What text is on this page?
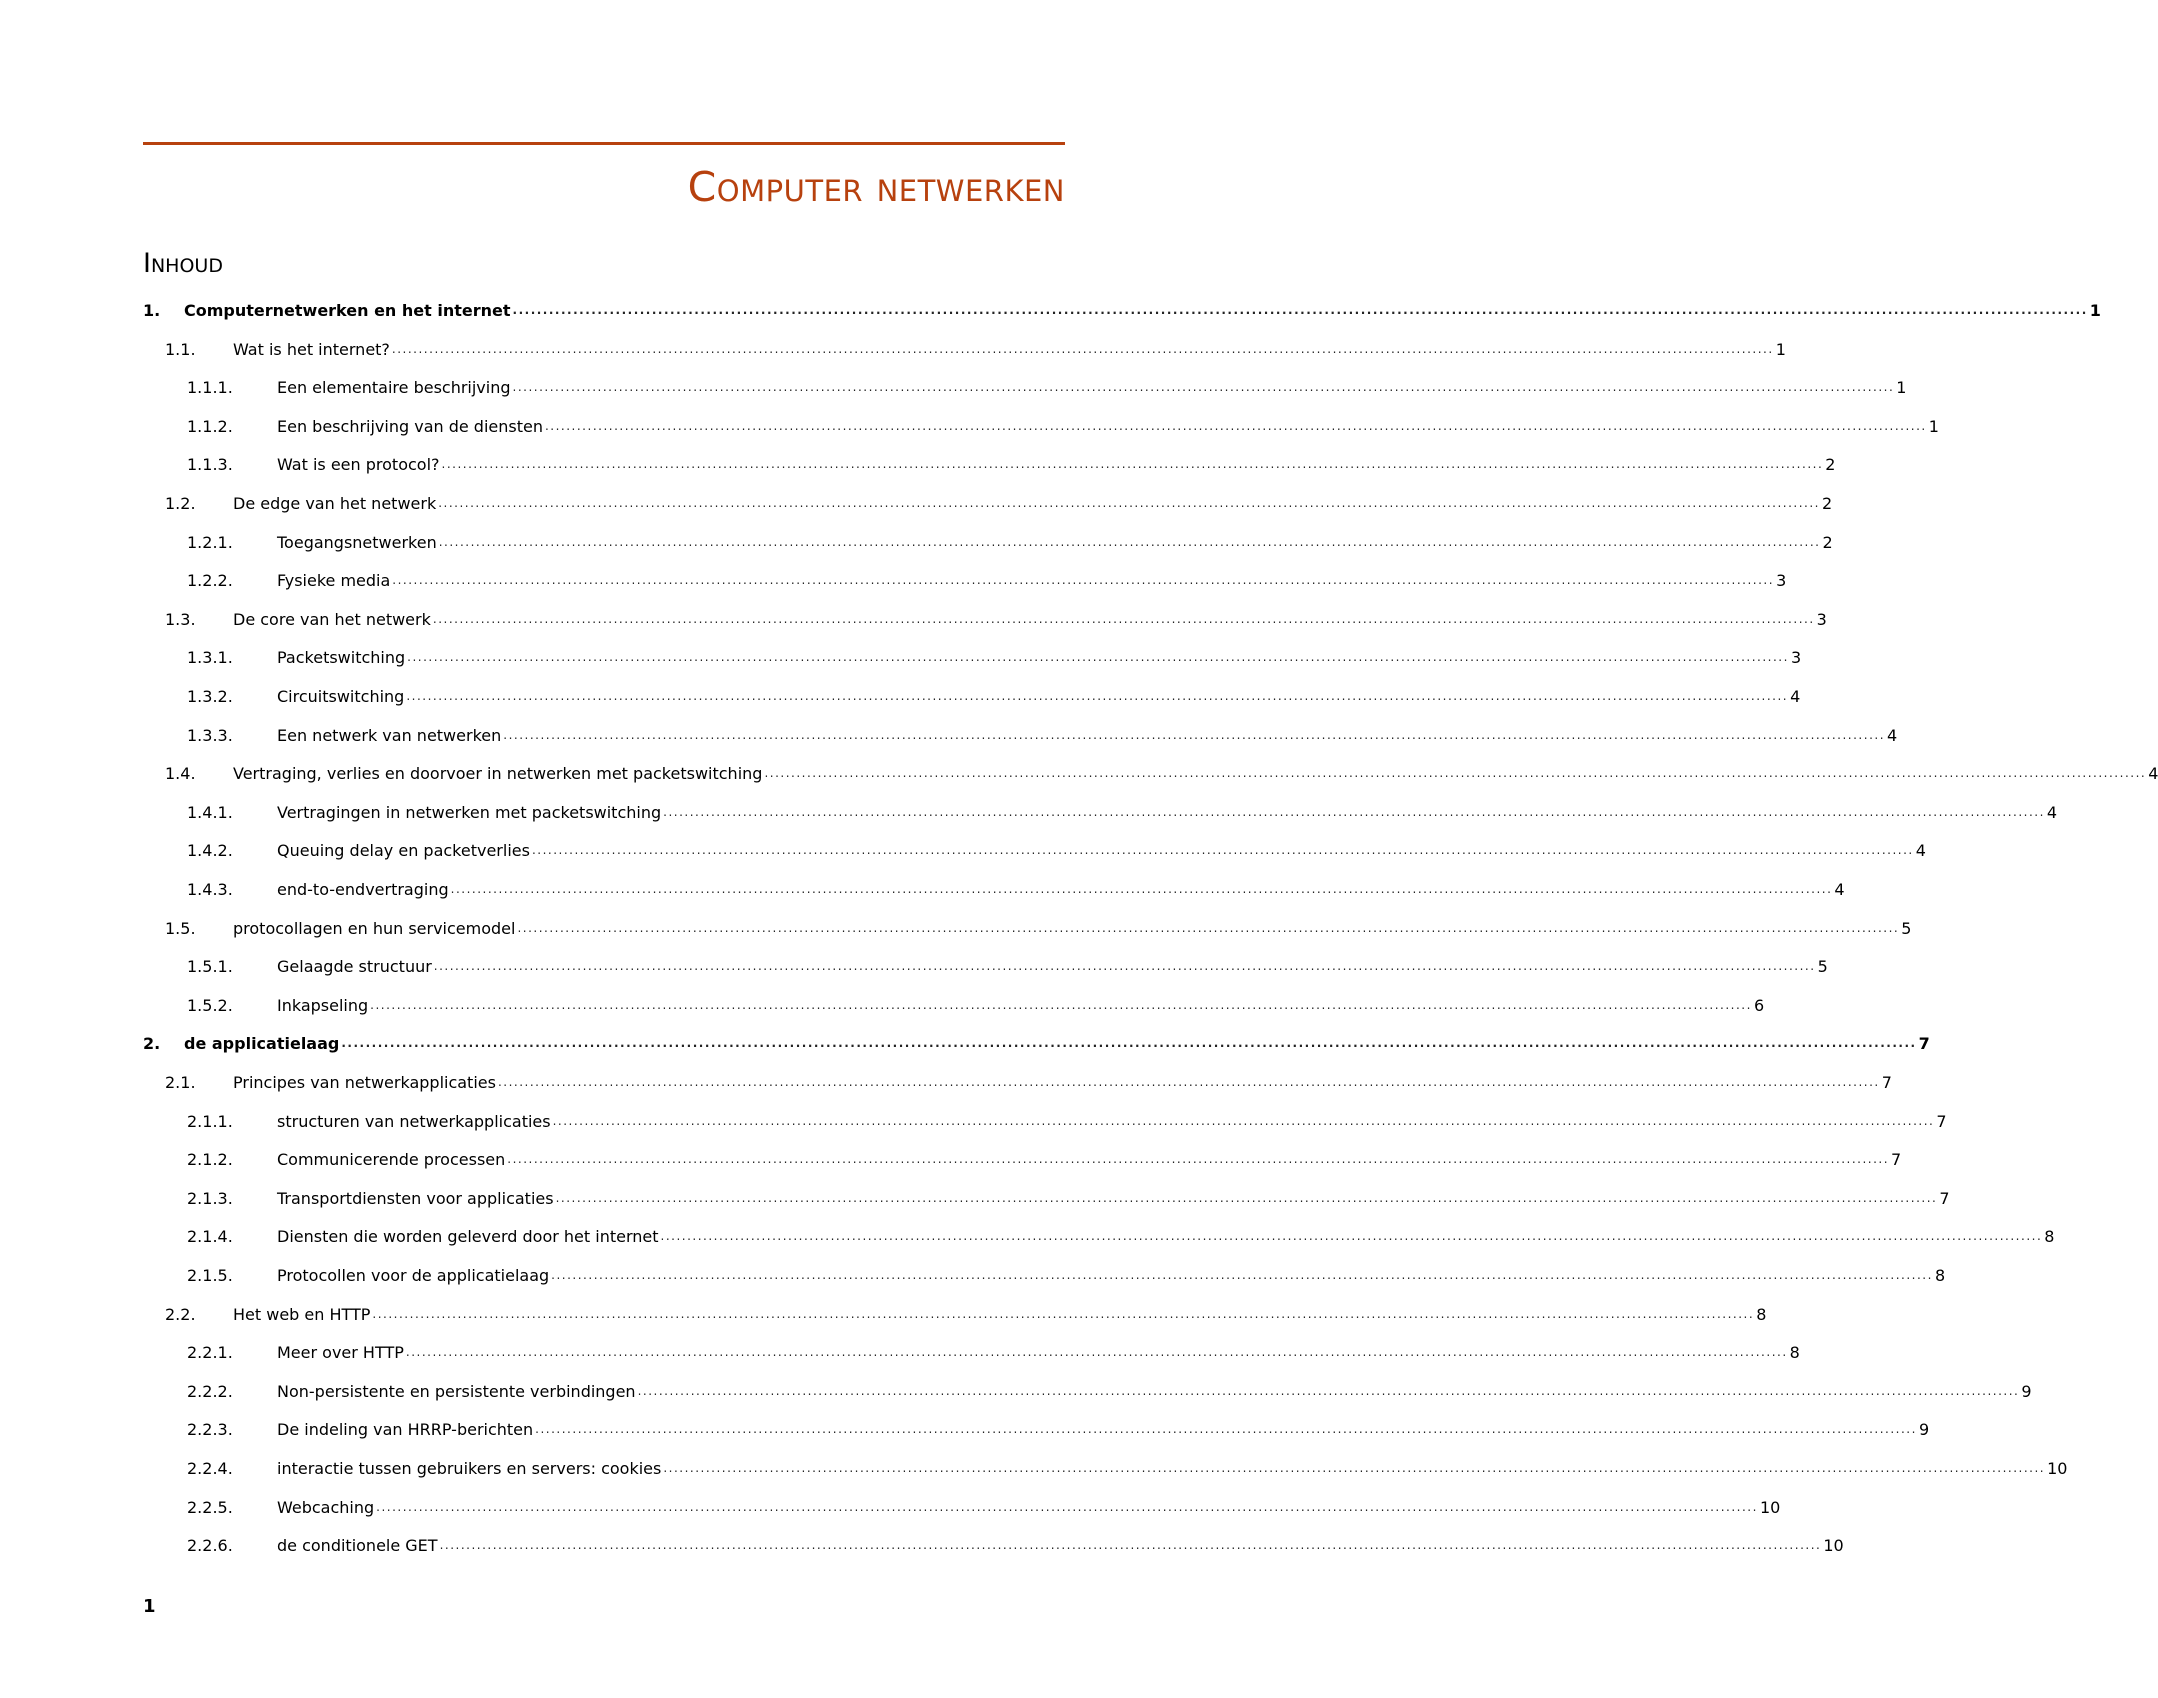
Computer netwerken
Inhoud
1. Computernetwerken en het internet .................................................................................................................................................................................................................................................................... 1
1.1. Wat is het internet? .................................................................................................................................................................................................................................................................... 1
1.1.1.	Een elementaire beschrijving .................................................................................................................................................................................................................................................................... 1
1.1.2.	Een beschrijving van de diensten .................................................................................................................................................................................................................................................................... 1
1.1.3.	Wat is een protocol? .................................................................................................................................................................................................................................................................... 2
1.2. De edge van het netwerk .................................................................................................................................................................................................................................................................... 2
1.2.1.	Toegangsnetwerken .................................................................................................................................................................................................................................................................... 2
1.2.2.	Fysieke media .................................................................................................................................................................................................................................................................... 3
1.3. De core van het netwerk .................................................................................................................................................................................................................................................................... 3
1.3.1.	Packetswitching .................................................................................................................................................................................................................................................................... 3
1.3.2.	Circuitswitching .................................................................................................................................................................................................................................................................... 4
1.3.3.	Een netwerk van netwerken .................................................................................................................................................................................................................................................................... 4
1.4. Vertraging, verlies en doorvoer in netwerken met packetswitching .................................................................................................................................................................................................................................................................... 4
1.4.1.	Vertragingen in netwerken met packetswitching .................................................................................................................................................................................................................................................................... 4
1.4.2.	Queuing delay en packetverlies .................................................................................................................................................................................................................................................................... 4
1.4.3.	end-to-endvertraging .................................................................................................................................................................................................................................................................... 4
1.5. protocollagen en hun servicemodel .................................................................................................................................................................................................................................................................... 5
1.5.1.	Gelaagde structuur .................................................................................................................................................................................................................................................................... 5
1.5.2.	Inkapseling .................................................................................................................................................................................................................................................................... 6
2. de applicatielaag .................................................................................................................................................................................................................................................................... 7
2.1. Principes van netwerkapplicaties .................................................................................................................................................................................................................................................................... 7
2.1.1.	structuren van netwerkapplicaties .................................................................................................................................................................................................................................................................... 7
2.1.2.	Communicerende processen .................................................................................................................................................................................................................................................................... 7
2.1.3.	Transportdiensten voor applicaties .................................................................................................................................................................................................................................................................... 7
2.1.4.	Diensten die worden geleverd door het internet .................................................................................................................................................................................................................................................................... 8
2.1.5.	Protocollen voor de applicatielaag .................................................................................................................................................................................................................................................................... 8
2.2. Het web en HTTP .................................................................................................................................................................................................................................................................... 8
2.2.1.	Meer over HTTP .................................................................................................................................................................................................................................................................... 8
2.2.2.	Non-persistente en persistente verbindingen .................................................................................................................................................................................................................................................................... 9
2.2.3.	De indeling van HRRP-berichten .................................................................................................................................................................................................................................................................... 9
2.2.4.	interactie tussen gebruikers en servers: cookies .................................................................................................................................................................................................................................................................... 10
2.2.5.	Webcaching .................................................................................................................................................................................................................................................................... 10
2.2.6.	de conditionele GET .................................................................................................................................................................................................................................................................... 10
1
